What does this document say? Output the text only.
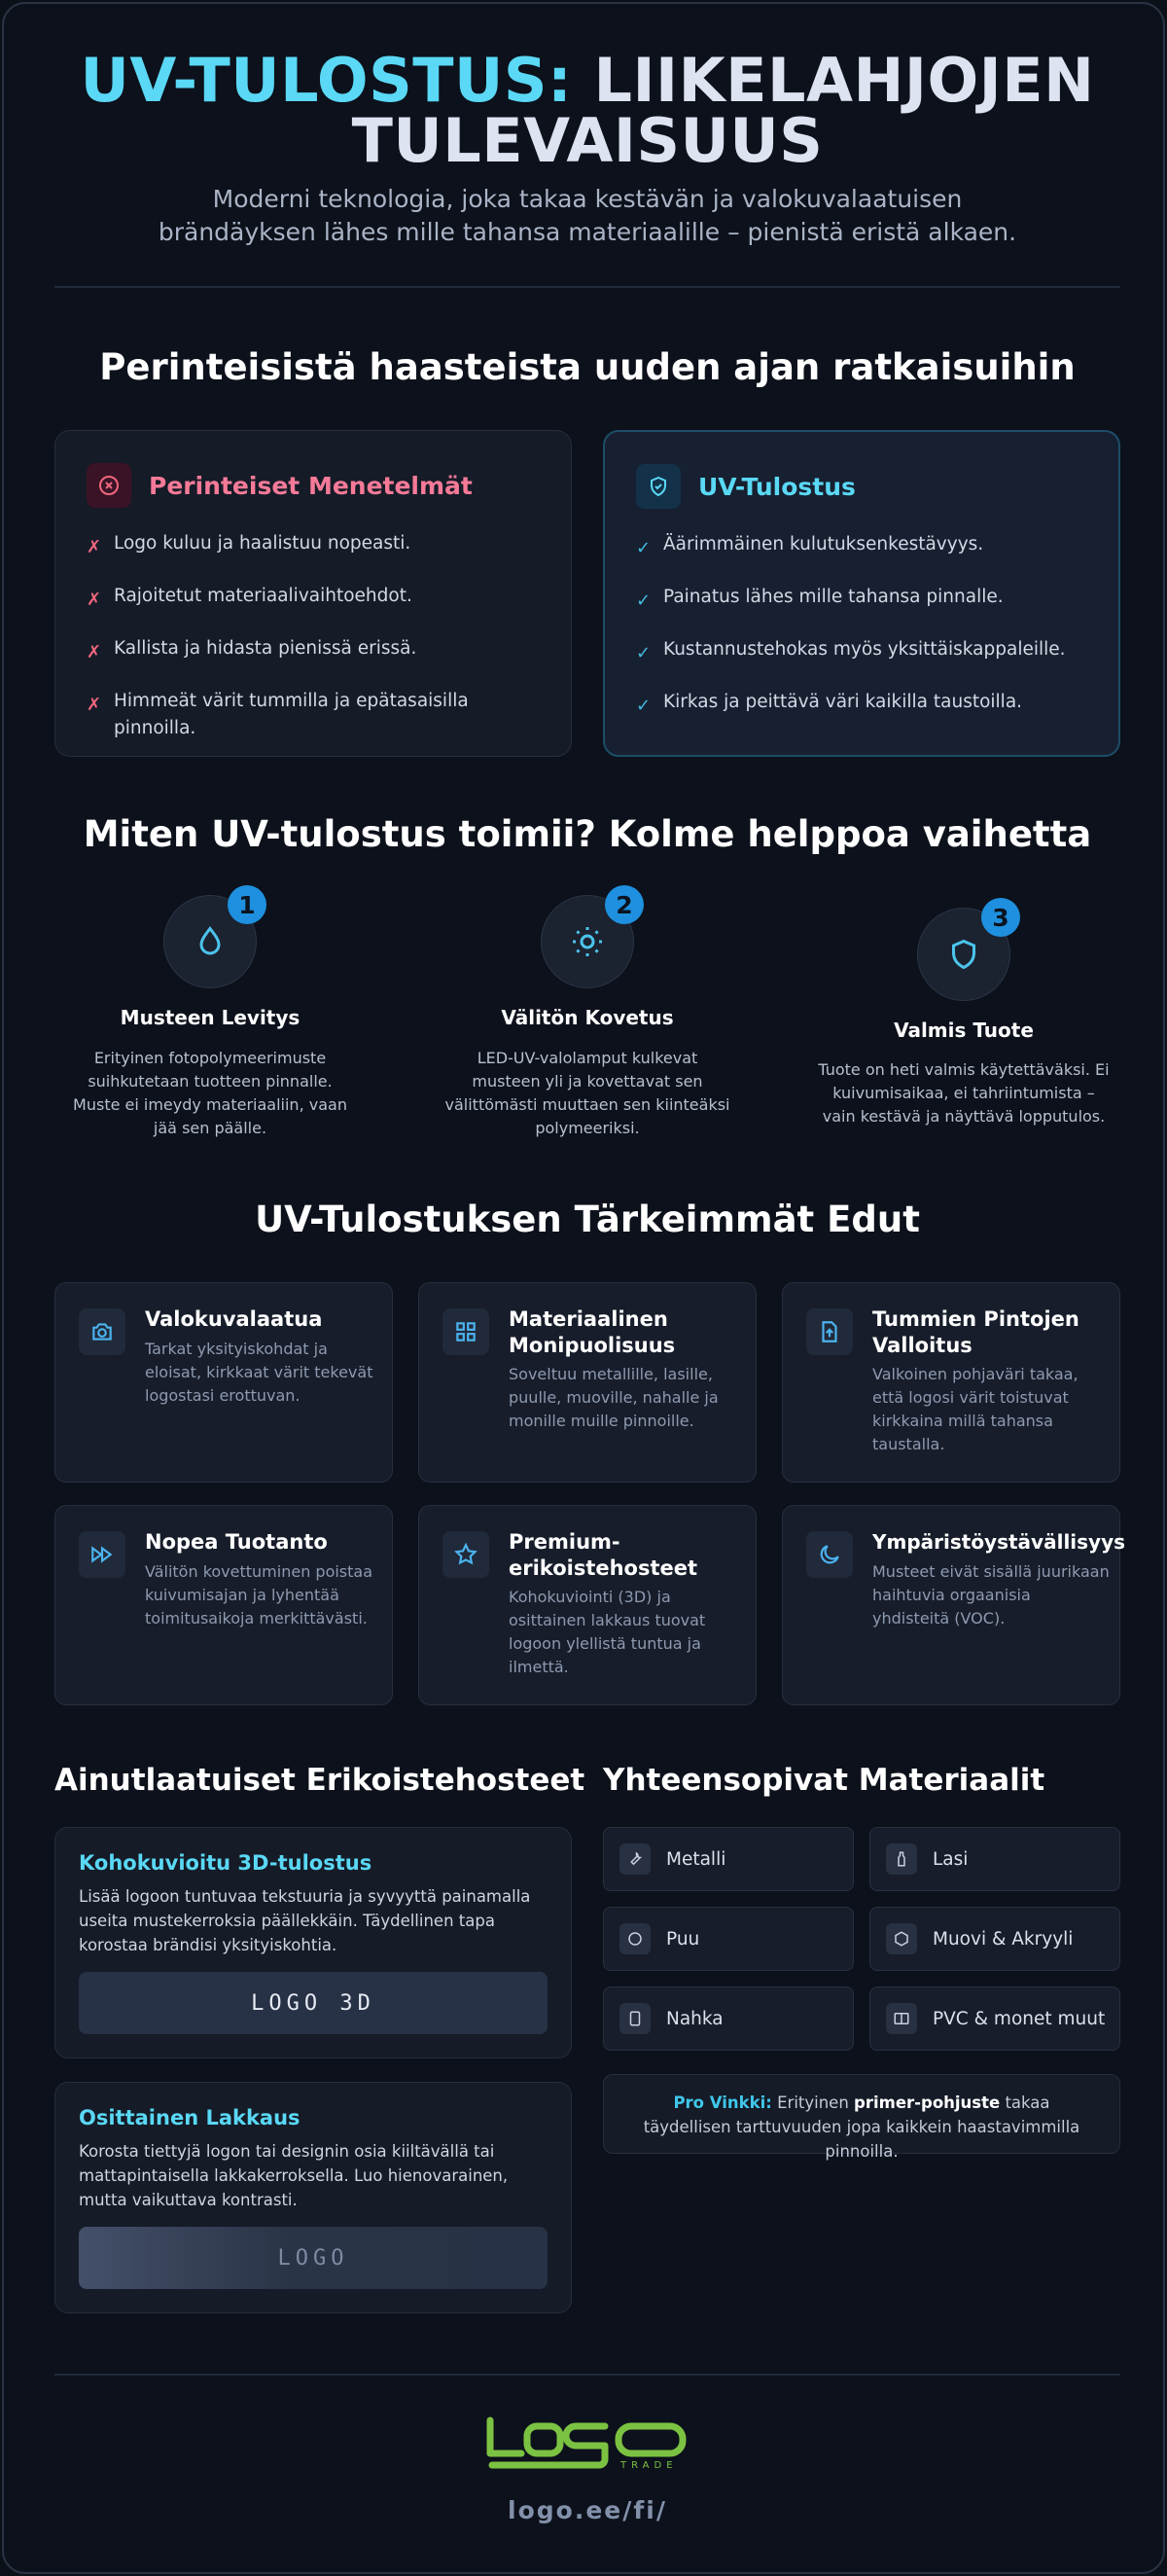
UV-TULOSTUS: LIIKELAHJOJEN TULEVAISUUS
Moderni teknologia, joka takaa kestävän ja valokuvalaatuisen brändäyksen lähes mille tahansa materiaalille – pienistä eristä alkaen.
Perinteisistä haasteista uuden ajan ratkaisuihin
Perinteiset Menetelmät
✗ Logo kuluu ja haalistuu nopeasti.
✗ Rajoitetut materiaalivaihtoehdot.
✗ Kallista ja hidasta pienissä erissä.
✗ Himmeät värit tummilla ja epätasaisilla pinnoilla.
UV-Tulostus
✓ Äärimmäinen kulutuksenkestävyys.
✓ Painatus lähes mille tahansa pinnalle.
✓ Kustannustehokas myös yksittäiskappaleille.
✓ Kirkas ja peittävä väri kaikilla taustoilla.
Miten UV-tulostus toimii? Kolme helppoa vaihetta
1
Musteen Levitys
Erityinen fotopolymeerimuste suihkutetaan tuotteen pinnalle. Muste ei imeydy materiaaliin, vaan jää sen päälle.
2
Välitön Kovetus
LED-UV-valolamput kulkevat musteen yli ja kovettavat sen välittömästi muuttaen sen kiinteäksi polymeeriksi.
3
Valmis Tuote
Tuote on heti valmis käytettäväksi. Ei kuivumisaikaa, ei tahriintumista – vain kestävä ja näyttävä lopputulos.
UV-Tulostuksen Tärkeimmät Edut
Valokuvalaatua
Tarkat yksityiskohdat ja eloisat, kirkkaat värit tekevät logostasi erottuvan.
Materiaalinen Monipuolisuus
Soveltuu metallille, lasille, puulle, muoville, nahalle ja monille muille pinnoille.
Tummien Pintojen Valloitus
Valkoinen pohjaväri takaa, että logosi värit toistuvat kirkkaina millä tahansa taustalla.
Nopea Tuotanto
Välitön kovettuminen poistaa kuivumisajan ja lyhentää toimitusaikoja merkittävästi.
Premium-erikoistehosteet
Kohokuviointi (3D) ja osittainen lakkaus tuovat logoon ylellistä tuntua ja ilmettä.
Ympäristöystävällisyys
Musteet eivät sisällä juurikaan haihtuvia orgaanisia yhdisteitä (VOC).
Ainutlaatuiset Erikoistehosteet
Kohokuvioitu 3D-tulostus
Lisää logoon tuntuvaa tekstuuria ja syvyyttä painamalla useita mustekerroksia päällekkäin. Täydellinen tapa korostaa brändisi yksityiskohtia.
LOGO 3D
Osittainen Lakkaus
Korosta tiettyjä logon tai designin osia kiiltävällä tai mattapintaisella lakkakerroksella. Luo hienovarainen, mutta vaikuttava kontrasti.
LOGO
Yhteensopivat Materiaalit
Metalli	Lasi
Puu	Muovi & Akryyli
Nahka	PVC & monet muut
Pro Vinkki: Erityinen primer-pohjuste takaa täydellisen tarttuvuuden jopa kaikkein haastavimmilla pinnoilla.
TRADE
logo.ee/fi/
